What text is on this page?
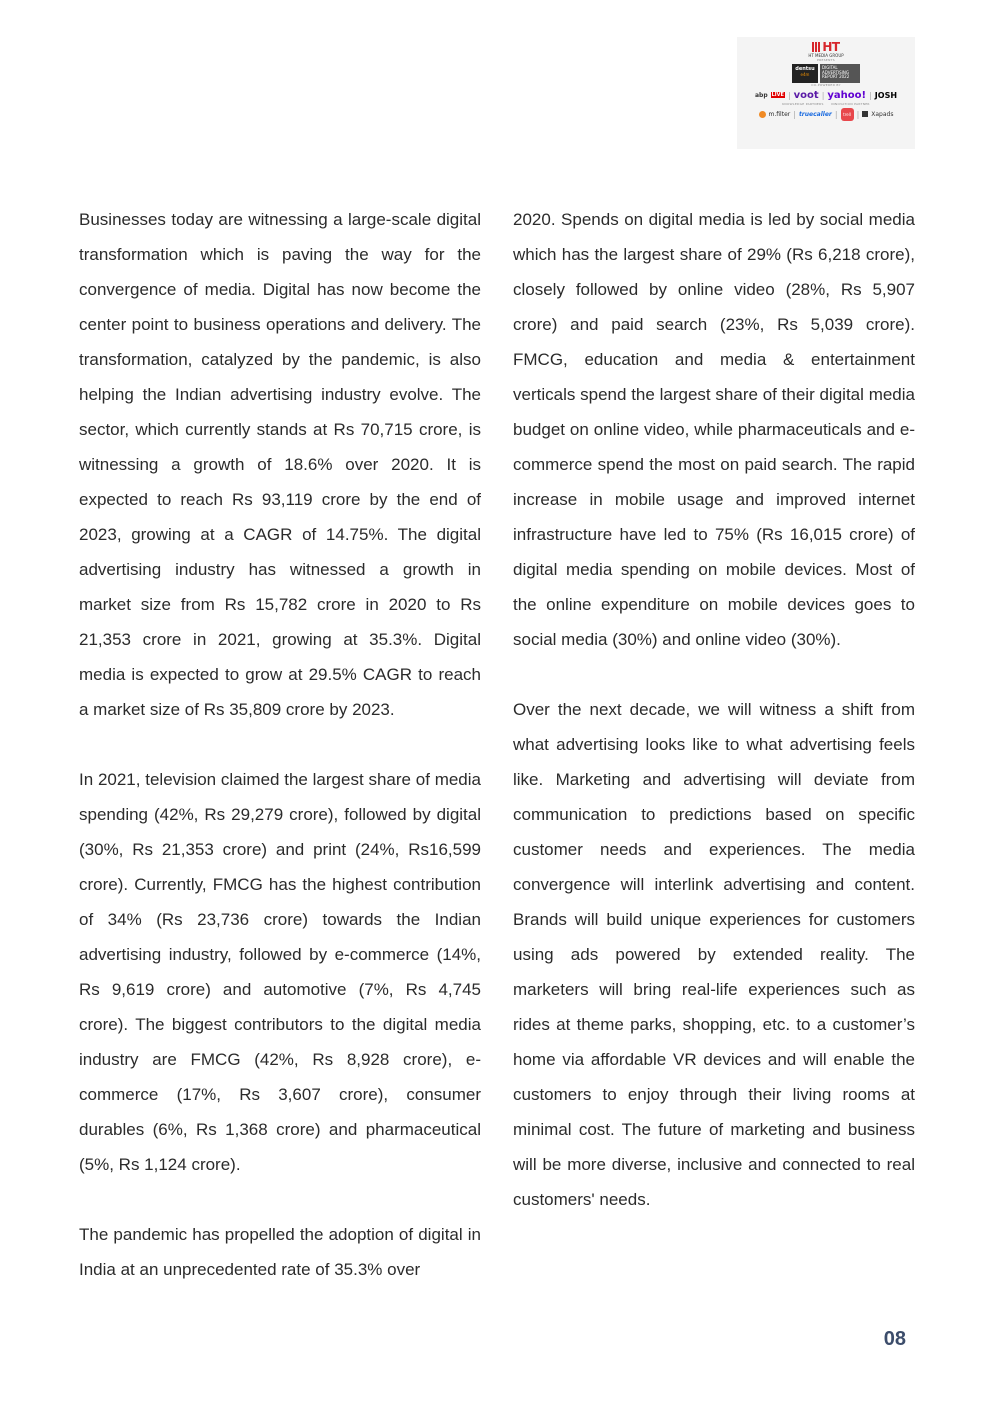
HT
HT MEDIA GROUP
PRESENTS
dentsu
e4m
DIGITAL ADVERTISING REPORT 2022
CO-POWERED BY
abp LIVE | voot | yahoo! | JOSH
KNOWLEDGE PARTNERS	INNOVATION PARTNER
m.filter | truecaller |	trell | Xapads

Businesses today are witnessing a large-scale digital transformation which is paving the way for the convergence of media. Digital has now become the center point to business operations and delivery. The transformation, catalyzed by the pandemic, is also helping the Indian advertising industry evolve. The sector, which currently stands at Rs 70,715 crore, is witnessing a growth of 18.6% over 2020. It is expected to reach Rs 93,119 crore by the end of 2023, growing at a CAGR of 14.75%. The digital advertising industry has witnessed a growth in market size from Rs 15,782 crore in 2020 to Rs 21,353 crore in 2021, growing at 35.3%. Digital media is expected to grow at 29.5% CAGR to reach a market size of Rs 35,809 crore by 2023.

In 2021, television claimed the largest share of media spending (42%, Rs 29,279 crore), followed by digital (30%, Rs 21,353 crore) and print (24%, Rs16,599 crore). Currently, FMCG has the highest contribution of 34% (Rs 23,736 crore) towards the Indian advertising industry, followed by e-commerce (14%, Rs 9,619 crore) and automotive (7%, Rs 4,745 crore). The biggest contributors to the digital media industry are FMCG (42%, Rs 8,928 crore), e-commerce (17%, Rs 3,607 crore), consumer durables (6%, Rs 1,368 crore) and pharmaceutical (5%, Rs 1,124 crore).

The pandemic has propelled the adoption of digital in India at an unprecedented rate of 35.3% over

2020. Spends on digital media is led by social media which has the largest share of 29% (Rs 6,218 crore), closely followed by online video (28%, Rs 5,907 crore) and paid search (23%, Rs 5,039 crore). FMCG, education and media & entertainment verticals spend the largest share of their digital media budget on online video, while pharmaceuticals and e-commerce spend the most on paid search. The rapid increase in mobile usage and improved internet infrastructure have led to 75% (Rs 16,015 crore) of digital media spending on mobile devices. Most of the online expenditure on mobile devices goes to social media (30%) and online video (30%).

Over the next decade, we will witness a shift from what advertising looks like to what advertising feels like. Marketing and advertising will deviate from communication to predictions based on specific customer needs and experiences. The media convergence will interlink advertising and content. Brands will build unique experiences for customers using ads powered by extended reality. The marketers will bring real-life experiences such as rides at theme parks, shopping, etc. to a customer’s home via affordable VR devices and will enable the customers to enjoy through their living rooms at minimal cost. The future of marketing and business will be more diverse, inclusive and connected to real customers' needs.

08
